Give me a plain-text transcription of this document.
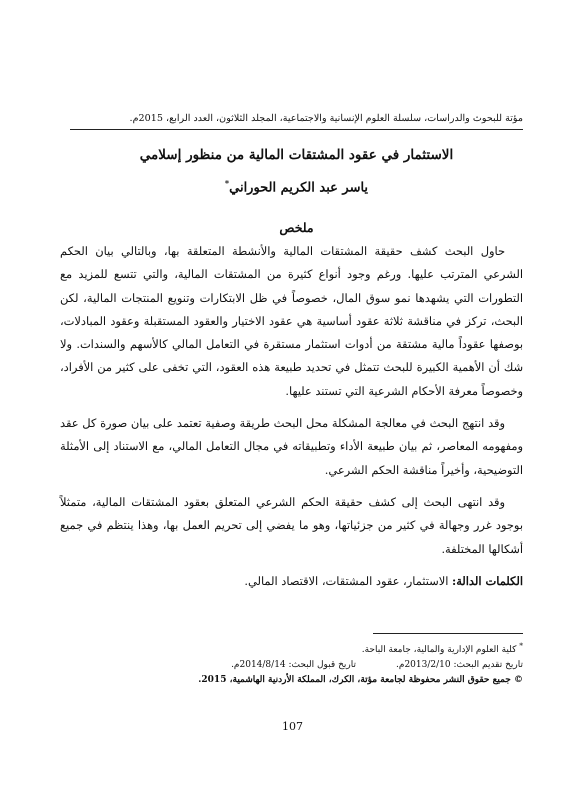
مؤتة للبحوث والدراسات، سلسلة العلوم الإنسانية والاجتماعية، المجلد الثلاثون، العدد الرابع، 2015م.
الاستثمار في عقود المشتقات المالية من منظور إسلامي
ياسر عبد الكريم الحوراني*
ملخص

حاول البحث كشف حقيقة المشتقات المالية والأنشطة المتعلقة بها، وبالتالي بيان الحكم الشرعي المترتب عليها. ورغم وجود أنواع كثيرة من المشتقات المالية، والتي تتسع للمزيد مع التطورات التي يشهدها نمو سوق المال، خصوصاً في ظل الابتكارات وتنويع المنتجات المالية، لكن البحث، تركز في مناقشة ثلاثة عقود أساسية هي عقود الاختيار والعقود المستقبلة وعقود المبادلات، بوصفها عقوداً مالية مشتقة من أدوات استثمار مستقرة في التعامل المالي كالأسهم والسندات. ولا شك أن الأهمية الكبيرة للبحث تتمثل في تحديد طبيعة هذه العقود، التي تخفى على كثير من الأفراد، وخصوصاً معرفة الأحكام الشرعية التي تستند عليها.

وقد انتهج البحث في معالجة المشكلة محل البحث طريقة وصفية تعتمد على بيان صورة كل عقد ومفهومه المعاصر، ثم بيان طبيعة الأداء وتطبيقاته في مجال التعامل المالي، مع الاستناد إلى الأمثلة التوضيحية، وأخيراً مناقشة الحكم الشرعي.

وقد انتهى البحث إلى كشف حقيقة الحكم الشرعي المتعلق بعقود المشتقات المالية، متمثلاً بوجود غرر وجهالة في كثير من جزئياتها، وهو ما يفضي إلى تحريم العمل بها، وهذا ينتظم في جميع أشكالها المختلفة.

الكلمات الدالة: الاستثمار، عقود المشتقات، الاقتصاد المالي.

* كلية العلوم الإدارية والمالية، جامعة الباحة.
تاريخ تقديم البحث: 2013/2/10م.تاريخ قبول البحث: 2014/8/14م.
© جميع حقوق النشر محفوظة لجامعة مؤتة، الكرك، المملكة الأردنية الهاشمية، 2015.
107
